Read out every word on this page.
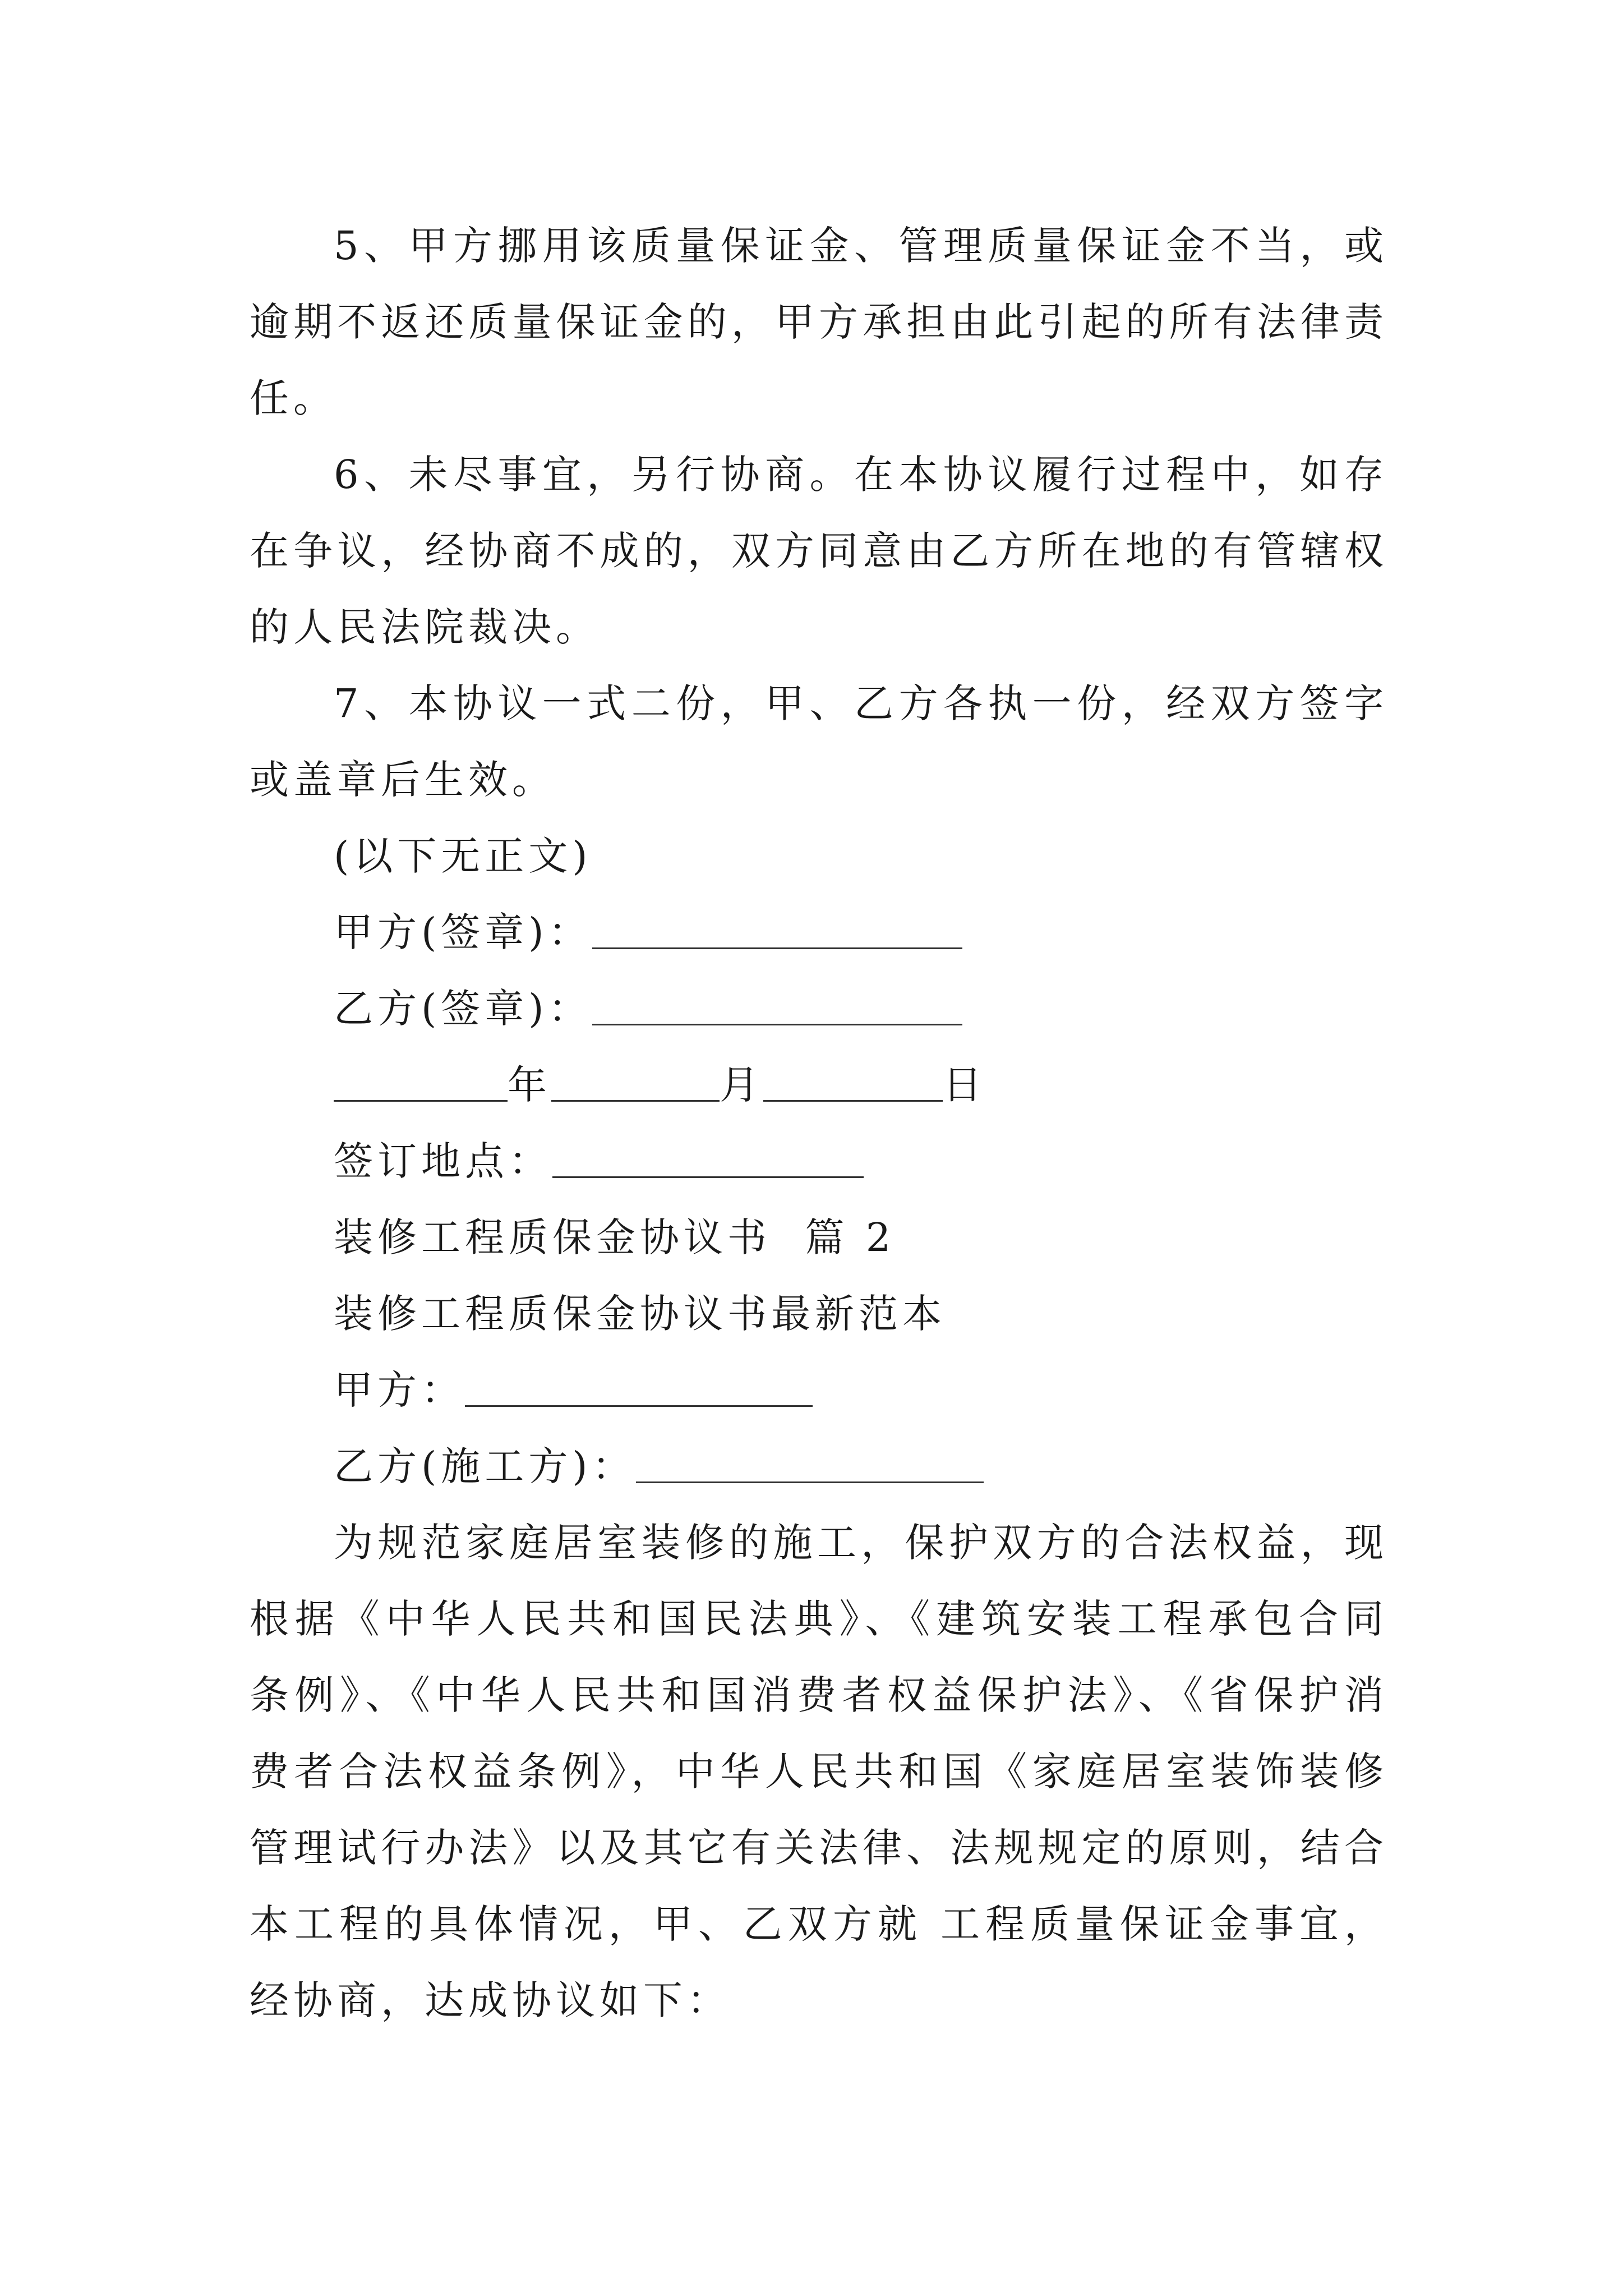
5、甲方挪用该质量保证金、管理质量保证金不当，或逾期不返还质量保证金的，甲方承担由此引起的所有法律责任。

6、未尽事宜，另行协商。在本协议履行过程中，如存在争议，经协商不成的，双方同意由乙方所在地的有管辖权的人民法院裁决。

7、本协议一式二份，甲、乙方各执一份，经双方签字或盖章后生效。

(以下无正文)

甲方(签章)：

乙方(签章)：

年	月	日

签订地点：

装修工程质保金协议书  篇 2

装修工程质保金协议书最新范本

甲方：

乙方(施工方)：

为规范家庭居室装修的施工，保护双方的合法权益，现根据《中华人民共和国民法典》、《建筑安装工程承包合同条例》、《中华人民共和国消费者权益保护法》、《省保护消费者合法权益条例》，中华人民共和国《家庭居室装饰装修管理试行办法》以及其它有关法律、法规规定的原则，结合本工程的具体情况，甲、乙双方就 工程质量保证金事宜，经协商，达成协议如下：
